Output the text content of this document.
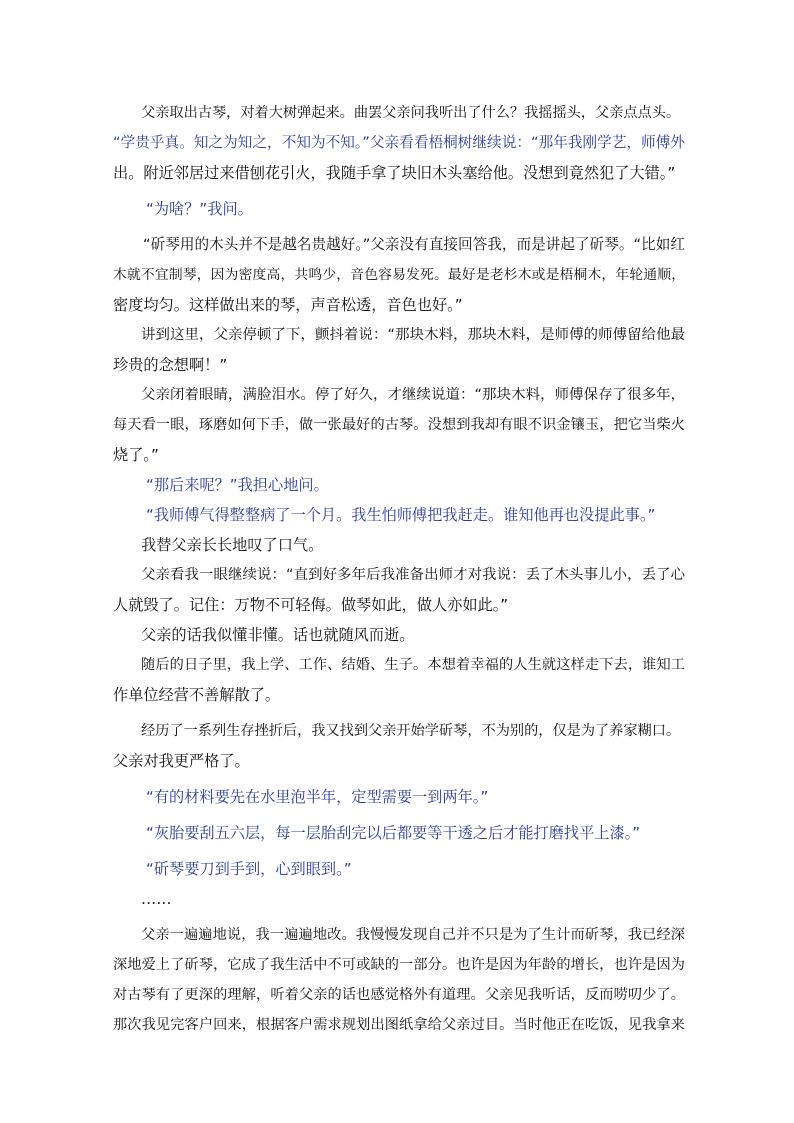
父亲取出古琴，对着大树弹起来。曲罢父亲问我听出了什么？我摇摇头，父亲点点头。
“学贵乎真。知之为知之，不知为不知。”父亲看看梧桐树继续说：“那年我刚学艺，师傅外
出。附近邻居过来借刨花引火，我随手拿了块旧木头塞给他。没想到竟然犯了大错。”
“为啥？”我问。
“斫琴用的木头并不是越名贵越好。”父亲没有直接回答我，而是讲起了斫琴。“比如红
木就不宜制琴，因为密度高，共鸣少，音色容易发死。最好是老杉木或是梧桐木，年轮通顺，
密度均匀。这样做出来的琴，声音松透，音色也好。”
讲到这里，父亲停顿了下，颤抖着说：“那块木料，那块木料，是师傅的师傅留给他最
珍贵的念想啊！”
父亲闭着眼睛，满脸泪水。停了好久，才继续说道：“那块木料，师傅保存了很多年，
每天看一眼，琢磨如何下手，做一张最好的古琴。没想到我却有眼不识金镶玉，把它当柴火
烧了。”
“那后来呢？”我担心地问。
“我师傅气得整整病了一个月。我生怕师傅把我赶走。谁知他再也没提此事。”
我替父亲长长地叹了口气。
父亲看我一眼继续说：“直到好多年后我准备出师才对我说：丢了木头事儿小，丢了心
人就毁了。记住：万物不可轻侮。做琴如此，做人亦如此。”
父亲的话我似懂非懂。话也就随风而逝。
随后的日子里，我上学、工作、结婚、生子。本想着幸福的人生就这样走下去，谁知工
作单位经营不善解散了。
经历了一系列生存挫折后，我又找到父亲开始学斫琴，不为别的，仅是为了养家糊口。
父亲对我更严格了。
“有的材料要先在水里泡半年，定型需要一到两年。”
“灰胎要刮五六层，每一层胎刮完以后都要等干透之后才能打磨找平上漆。”
“斫琴要刀到手到，心到眼到。”
……
父亲一遍遍地说，我一遍遍地改。我慢慢发现自己并不只是为了生计而斫琴，我已经深
深地爱上了斫琴，它成了我生活中不可或缺的一部分。也许是因为年龄的增长，也许是因为
对古琴有了更深的理解，听着父亲的话也感觉格外有道理。父亲见我听话，反而唠叨少了。
那次我见完客户回来，根据客户需求规划出图纸拿给父亲过目。当时他正在吃饭，见我拿来
